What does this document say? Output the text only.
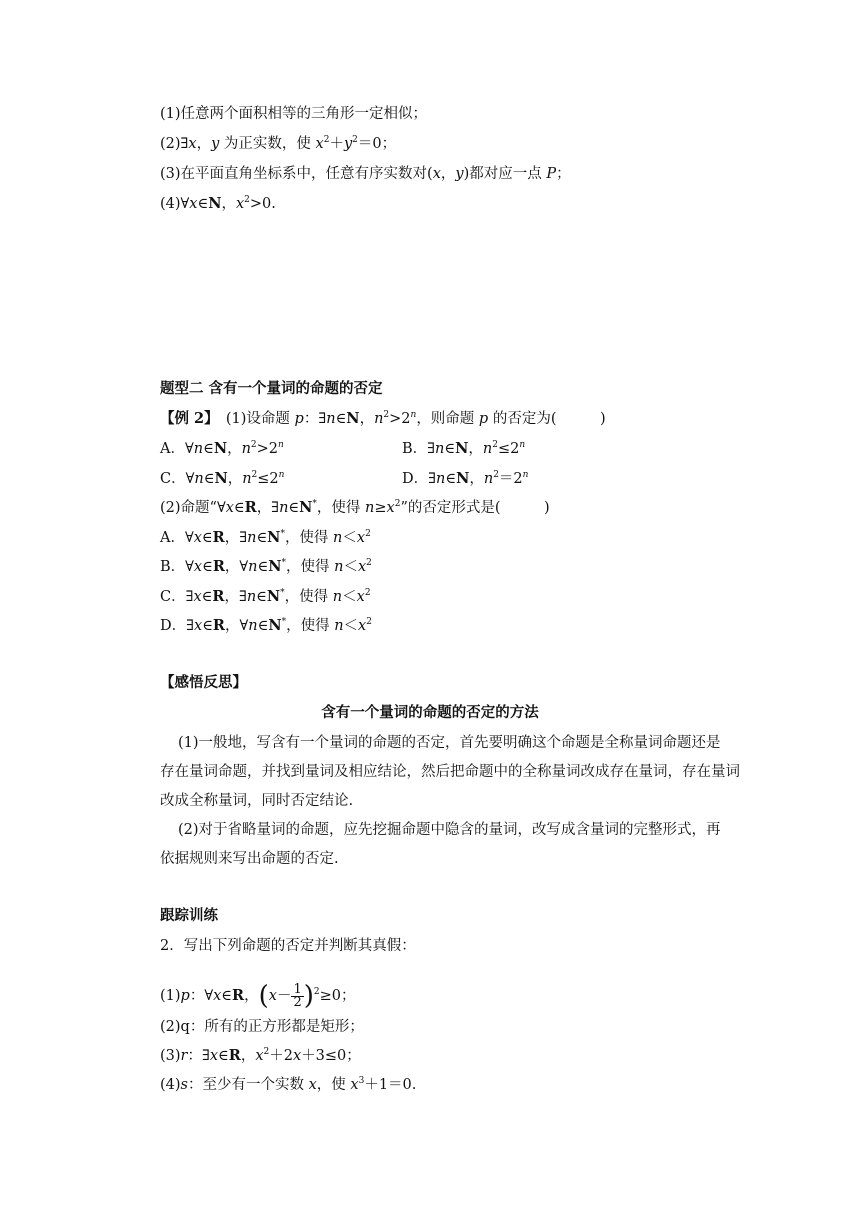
(1)任意两个面积相等的三角形一定相似；
(2)∃x，y 为正实数，使 $x^2+y^2=0$；
(3)在平面直角坐标系中，任意有序实数对(x，y)都对应一点 P；
(4)∀x∈N，$x^2>0$.
题型二 含有一个量词的命题的否定
【例 2】　(1)设命题 p：∃n∈N，$n^2>2^n$，则命题 p 的否定为(　　　)
A．∀n∈N，$n^2>2^n$	B．∃n∈N，$n^2\le 2^n$
C．∀n∈N，$n^2\le 2^n$	D．∃n∈N，$n^2=2^n$
(2)命题“∀x∈R，∃n∈N*，使得 $n\ge x^2$”的否定形式是(　　　)
A．∀x∈R，∃n∈N*，使得 $n<x^2$
B．∀x∈R，∀n∈N*，使得 $n<x^2$
C．∃x∈R，∃n∈N*，使得 $n<x^2$
D．∃x∈R，∀n∈N*，使得 $n<x^2$
【感悟反思】
含有一个量词的命题的否定的方法
(1)一般地，写含有一个量词的命题的否定，首先要明确这个命题是全称量词命题还是
存在量词命题，并找到量词及相应结论，然后把命题中的全称量词改成存在量词，存在量词
改成全称量词，同时否定结论.
(2)对于省略量词的命题，应先挖掘命题中隐含的量词，改写成含量词的完整形式，再
依据规则来写出命题的否定.
跟踪训练
2．写出下列命题的否定并判断其真假：
(1)p：∀x∈R，$(x- \frac{1}{2} )^2\ge 0$；
(2)q：所有的正方形都是矩形；
(3)r：∃x∈R，$x^2+2x+3\le 0$；
(4)s：至少有一个实数 x，使 $x^3+1=0$.
